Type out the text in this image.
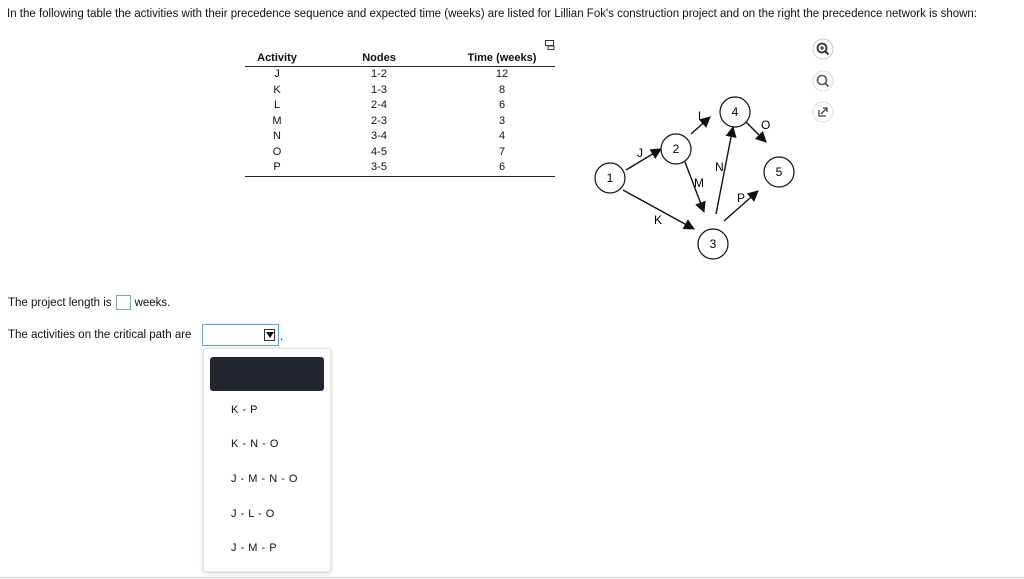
In the following table the activities with their precedence sequence and expected time (weeks) are listed for Lillian Fok's construction project and on the right the precedence network is shown:
Activity	Nodes	Time (weeks)
J	1-2	12
K	1-3	8
L	2-4	6
M	2-3	3
N	3-4	4
O	4-5	7
P	3-5	6
1
2
3
4
5
J
K
L
M
N
O
P
The project length is weeks.
The activities on the critical path are	.
K - P
K - N - O
J - M - N - O
J - L - O
J - M - P
